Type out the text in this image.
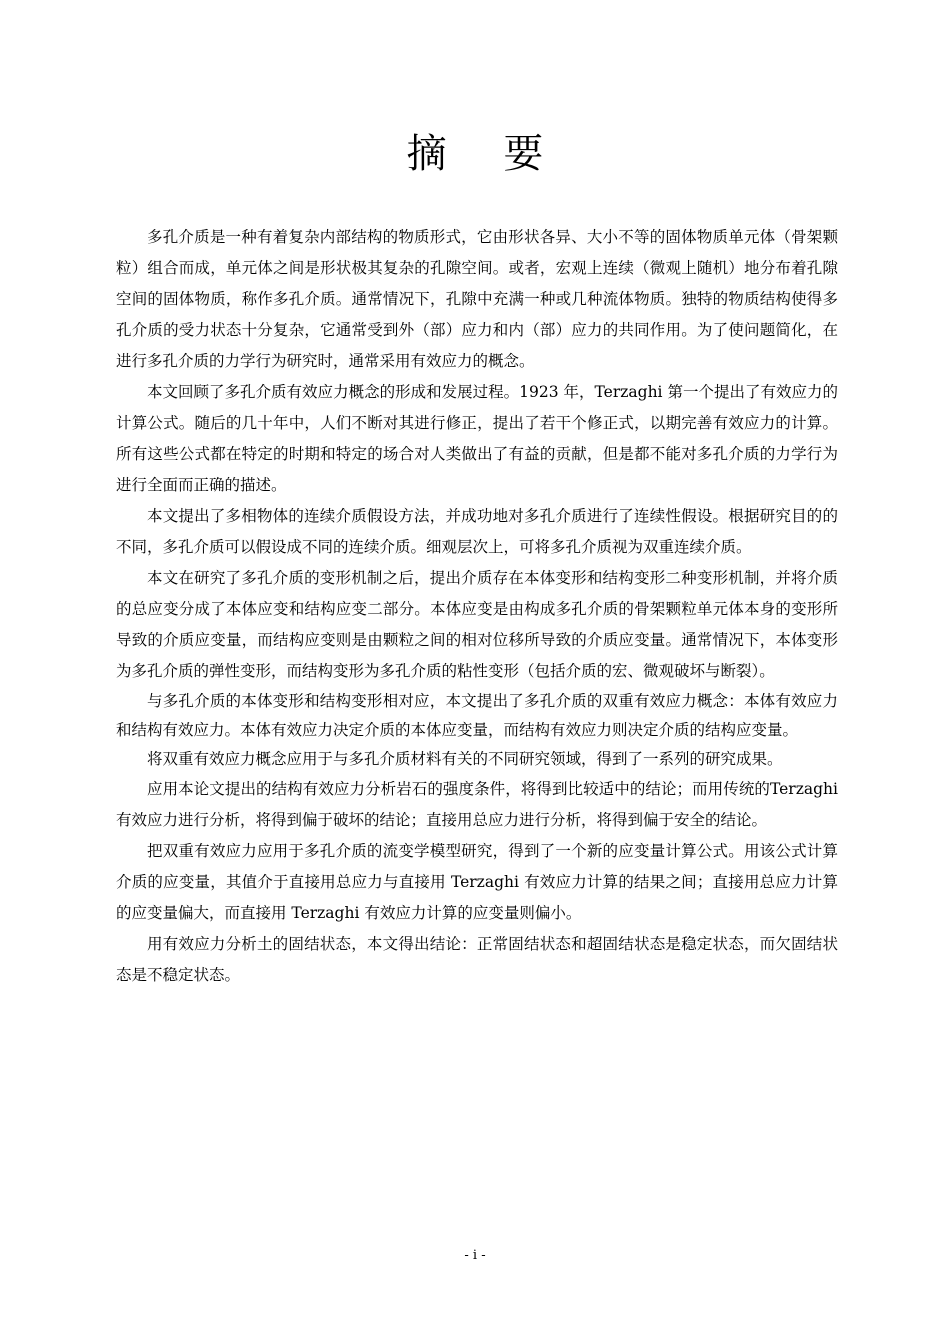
摘 要

多孔介质是一种有着复杂内部结构的物质形式，它由形状各异、大小不等的固体物质单元体（骨架颗粒）组合而成，单元体之间是形状极其复杂的孔隙空间。或者，宏观上连续（微观上随机）地分布着孔隙空间的固体物质，称作多孔介质。通常情况下，孔隙中充满一种或几种流体物质。独特的物质结构使得多孔介质的受力状态十分复杂，它通常受到外（部）应力和内（部）应力的共同作用。为了使问题简化，在进行多孔介质的力学行为研究时，通常采用有效应力的概念。

本文回顾了多孔介质有效应力概念的形成和发展过程。1923 年，Terzaghi 第一个提出了有效应力的计算公式。随后的几十年中，人们不断对其进行修正，提出了若干个修正式，以期完善有效应力的计算。所有这些公式都在特定的时期和特定的场合对人类做出了有益的贡献，但是都不能对多孔介质的力学行为进行全面而正确的描述。

本文提出了多相物体的连续介质假设方法，并成功地对多孔介质进行了连续性假设。根据研究目的的不同，多孔介质可以假设成不同的连续介质。细观层次上，可将多孔介质视为双重连续介质。

本文在研究了多孔介质的变形机制之后，提出介质存在本体变形和结构变形二种变形机制，并将介质的总应变分成了本体应变和结构应变二部分。本体应变是由构成多孔介质的骨架颗粒单元体本身的变形所导致的介质应变量，而结构应变则是由颗粒之间的相对位移所导致的介质应变量。通常情况下，本体变形为多孔介质的弹性变形，而结构变形为多孔介质的粘性变形（包括介质的宏、微观破坏与断裂）。

与多孔介质的本体变形和结构变形相对应，本文提出了多孔介质的双重有效应力概念：本体有效应力和结构有效应力。本体有效应力决定介质的本体应变量，而结构有效应力则决定介质的结构应变量。

将双重有效应力概念应用于与多孔介质材料有关的不同研究领域，得到了一系列的研究成果。

应用本论文提出的结构有效应力分析岩石的强度条件，将得到比较适中的结论；而用传统的Terzaghi 有效应力进行分析，将得到偏于破坏的结论；直接用总应力进行分析，将得到偏于安全的结论。

把双重有效应力应用于多孔介质的流变学模型研究，得到了一个新的应变量计算公式。用该公式计算介质的应变量，其值介于直接用总应力与直接用 Terzaghi 有效应力计算的结果之间；直接用总应力计算的应变量偏大，而直接用 Terzaghi 有效应力计算的应变量则偏小。

用有效应力分析土的固结状态，本文得出结论：正常固结状态和超固结状态是稳定状态，而欠固结状态是不稳定状态。

- i -
